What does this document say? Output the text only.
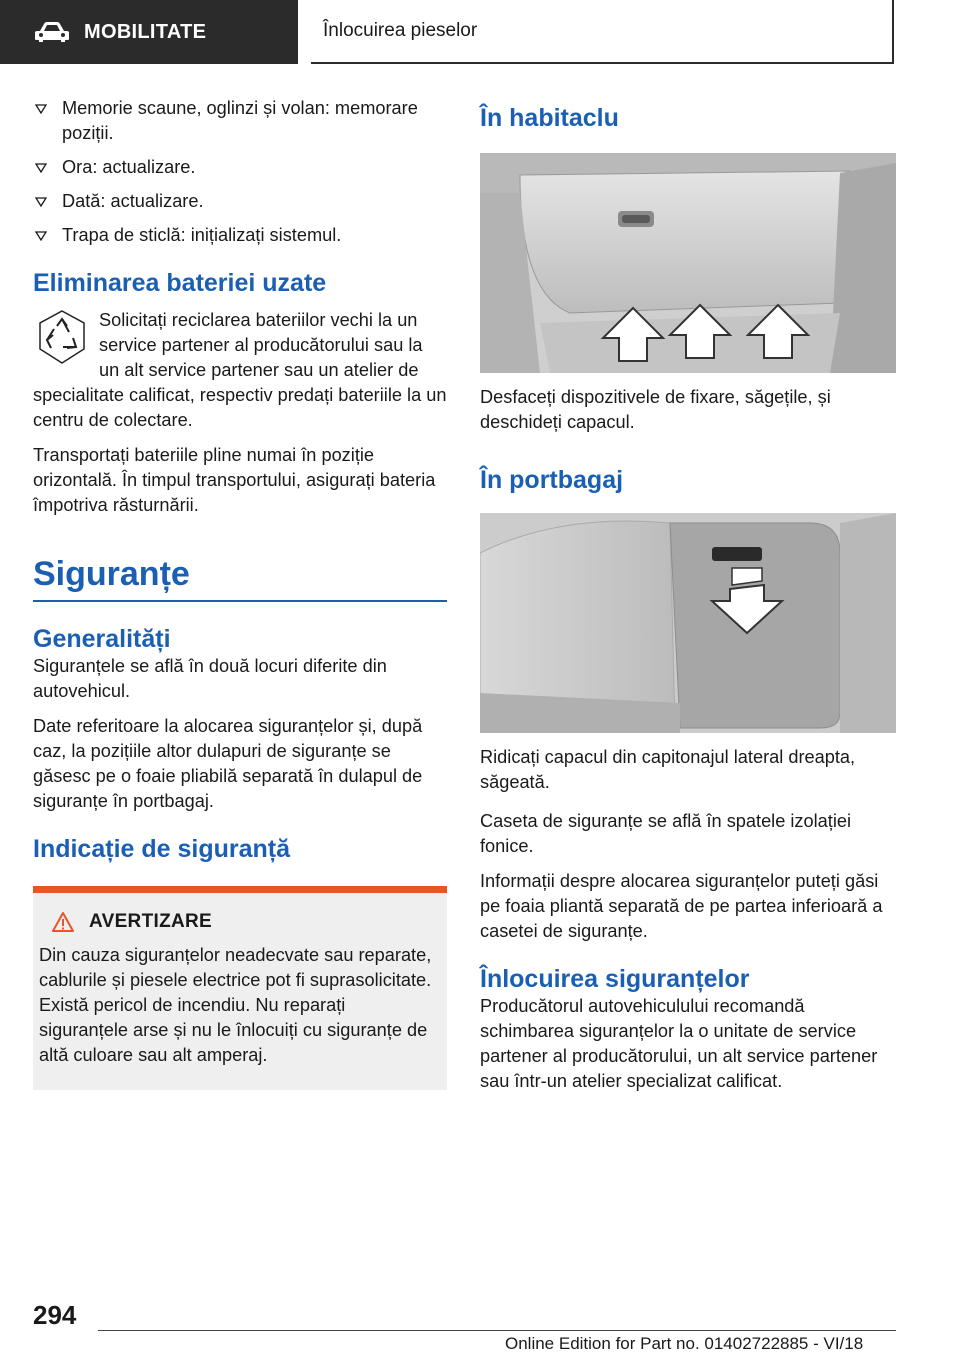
MOBILITATE	Înlocuirea pieselor
Memorie scaune, oglinzi și volan: memorare poziții.
Ora: actualizare.
Dată: actualizare.
Trapa de sticlă: inițializați sistemul.
Eliminarea bateriei uzate

Solicitați reciclarea bateriilor vechi la un service partener al producătorului sau la un alt service partener sau un atelier de specialitate calificat, respectiv predați bateriile la un centru de colectare.

Transportați bateriile pline numai în poziție orizontală. În timpul transportului, asigurați bateria împotriva răsturnării.

Siguranțe
Generalități

Siguranțele se află în două locuri diferite din autovehicul.

Date referitoare la alocarea siguranțelor și, după caz, la pozițiile altor dulapuri de siguranțe se găsesc pe o foaie pliabilă separată în dulapul de siguranțe în portbagaj.

Indicație de siguranță
AVERTIZARE

Din cauza siguranțelor neadecvate sau reparate, cablurile și piesele electrice pot fi suprasolicitate. Există pericol de incendiu. Nu reparați siguranțele arse și nu le înlocuiți cu siguranțe de altă culoare sau alt amperaj.

În habitaclu

Desfaceți dispozitivele de fixare, săgețile, și deschideți capacul.

În portbagaj

Ridicați capacul din capitonajul lateral dreapta, săgeată.

Caseta de siguranțe se află în spatele izolației fonice.

Informații despre alocarea siguranțelor puteți găsi pe foaia pliantă separată de pe partea inferioară a casetei de siguranțe.

Înlocuirea siguranțelor

Producătorul autovehiculului recomandă schimbarea siguranțelor la o unitate de service partener al producătorului, un alt service partener sau într-un atelier specializat calificat.

294
Online Edition for Part no. 01402722885 - VI/18
